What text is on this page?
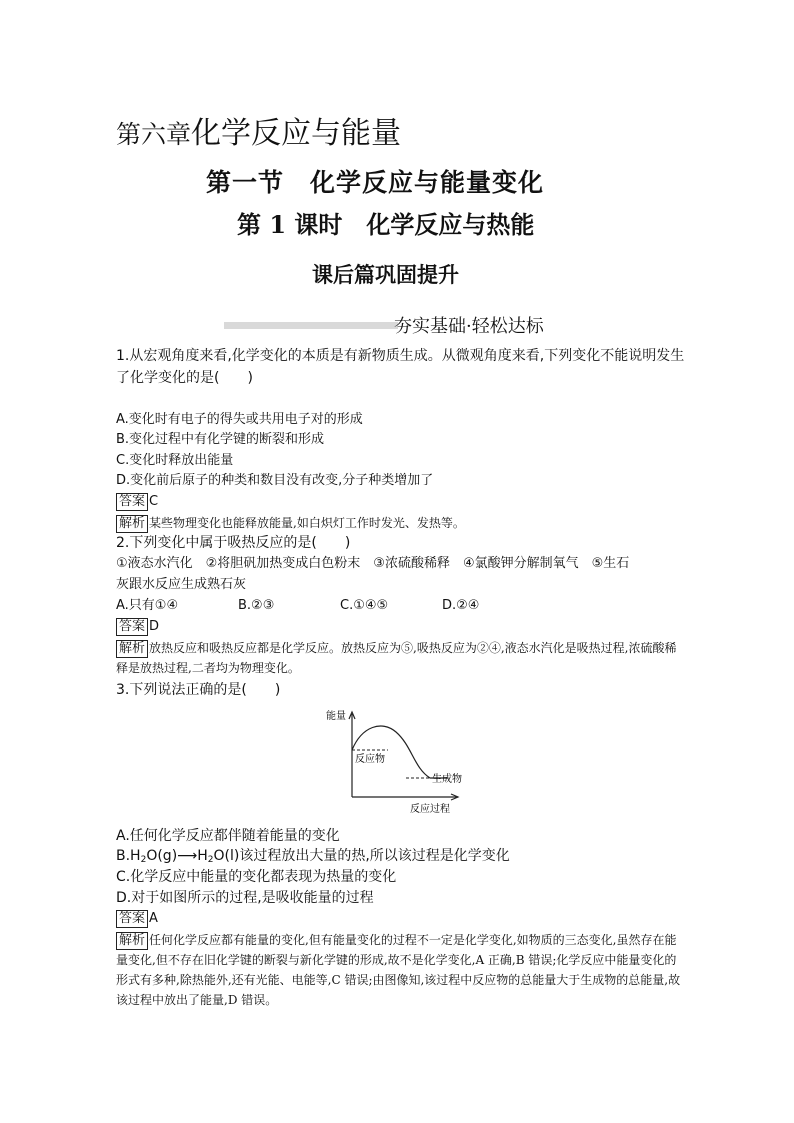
第六章化学反应与能量
第一节　化学反应与能量变化
第 1 课时　化学反应与热能
课后篇巩固提升
夯实基础·轻松达标
1.从宏观角度来看,化学变化的本质是有新物质生成。从微观角度来看,下列变化不能说明发生
了化学变化的是(　　)
A.变化时有电子的得失或共用电子对的形成
B.变化过程中有化学键的断裂和形成
C.变化时释放出能量
D.变化前后原子的种类和数目没有改变,分子种类增加了
答案 C
解析 某些物理变化也能释放能量,如白炽灯工作时发光、发热等。
2.下列变化中属于吸热反应的是(　　)
①液态水汽化　②将胆矾加热变成白色粉末　③浓硫酸稀释　④氯酸钾分解制氧气　⑤生石
灰跟水反应生成熟石灰
A.只有①④	B.②③	C.①④⑤	D.②④
答案 D
解析 放热反应和吸热反应都是化学反应。放热反应为⑤,吸热反应为②④,液态水汽化是吸热过程,浓硫酸稀释是放热过程,二者均为物理变化。
3.下列说法正确的是(　　)
能量
反应物
生成物
反应过程
A.任何化学反应都伴随着能量的变化
$B.H_2O(g)⟶H_2O(l)$该过程放出大量的热,所以该过程是化学变化
C.化学反应中能量的变化都表现为热量的变化
D.对于如图所示的过程,是吸收能量的过程
答案 A
解析 任何化学反应都有能量的变化,但有能量变化的过程不一定是化学变化,如物质的三态变化,虽然存在能量变化,但不存在旧化学键的断裂与新化学键的形成,故不是化学变化,A 正确,B 错误;化学反应中能量变化的形式有多种,除热能外,还有光能、电能等,C 错误;由图像知,该过程中反应物的总能量大于生成物的总能量,故该过程中放出了能量,D 错误。
